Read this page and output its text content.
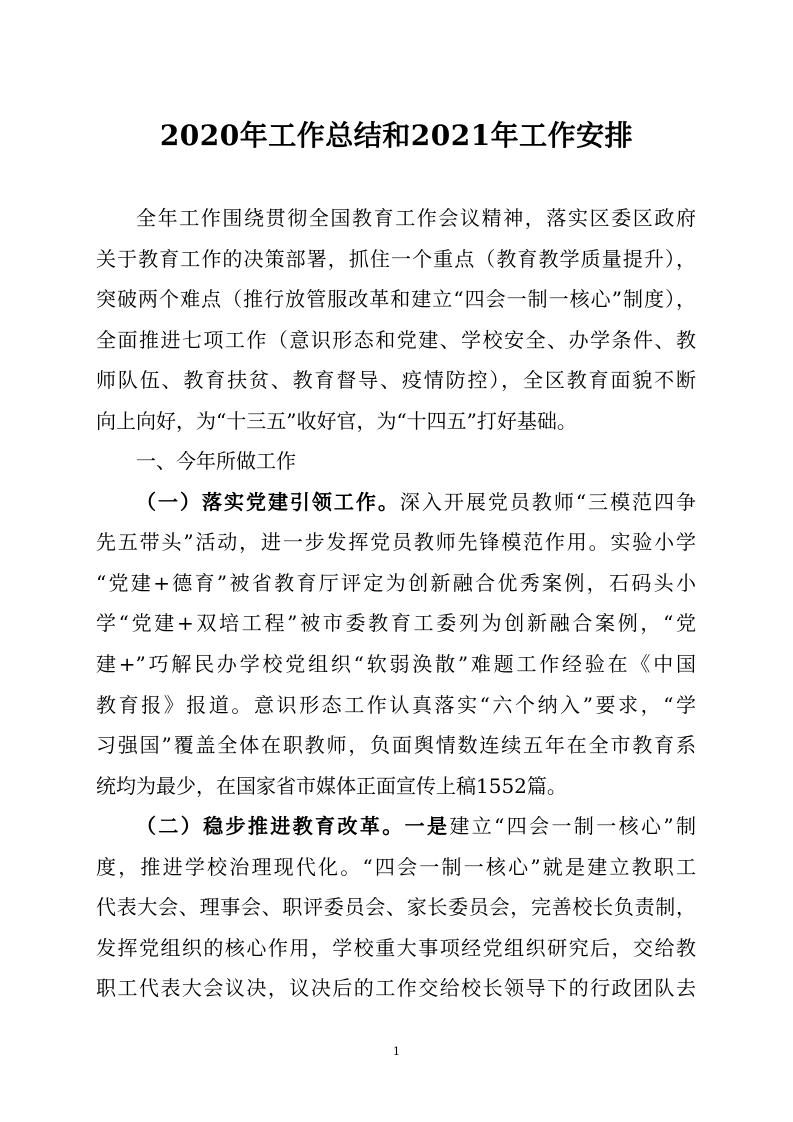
2020年工作总结和2021年工作安排
全年工作围绕贯彻全国教育工作会议精神，落实区委区政府
关于教育工作的决策部署，抓住一个重点（教育教学质量提升），
突破两个难点（推行放管服改革和建立“四会一制一核心”制度），
全面推进七项工作（意识形态和党建、学校安全、办学条件、教
师队伍、教育扶贫、教育督导、疫情防控），全区教育面貌不断
向上向好，为“十三五”收好官，为“十四五”打好基础。
一、今年所做工作
（一）落实党建引领工作。深入开展党员教师“三模范四争
先五带头”活动，进一步发挥党员教师先锋模范作用。实验小学
“党建+德育”被省教育厅评定为创新融合优秀案例，石码头小
学“党建+双培工程”被市委教育工委列为创新融合案例，“党
建+”巧解民办学校党组织“软弱涣散”难题工作经验在《中国
教育报》报道。意识形态工作认真落实“六个纳入”要求，“学
习强国”覆盖全体在职教师，负面舆情数连续五年在全市教育系
统均为最少，在国家省市媒体正面宣传上稿1552篇。
（二）稳步推进教育改革。一是建立“四会一制一核心”制
度，推进学校治理现代化。“四会一制一核心”就是建立教职工
代表大会、理事会、职评委员会、家长委员会，完善校长负责制，
发挥党组织的核心作用，学校重大事项经党组织研究后，交给教
职工代表大会议决，议决后的工作交给校长领导下的行政团队去
1
